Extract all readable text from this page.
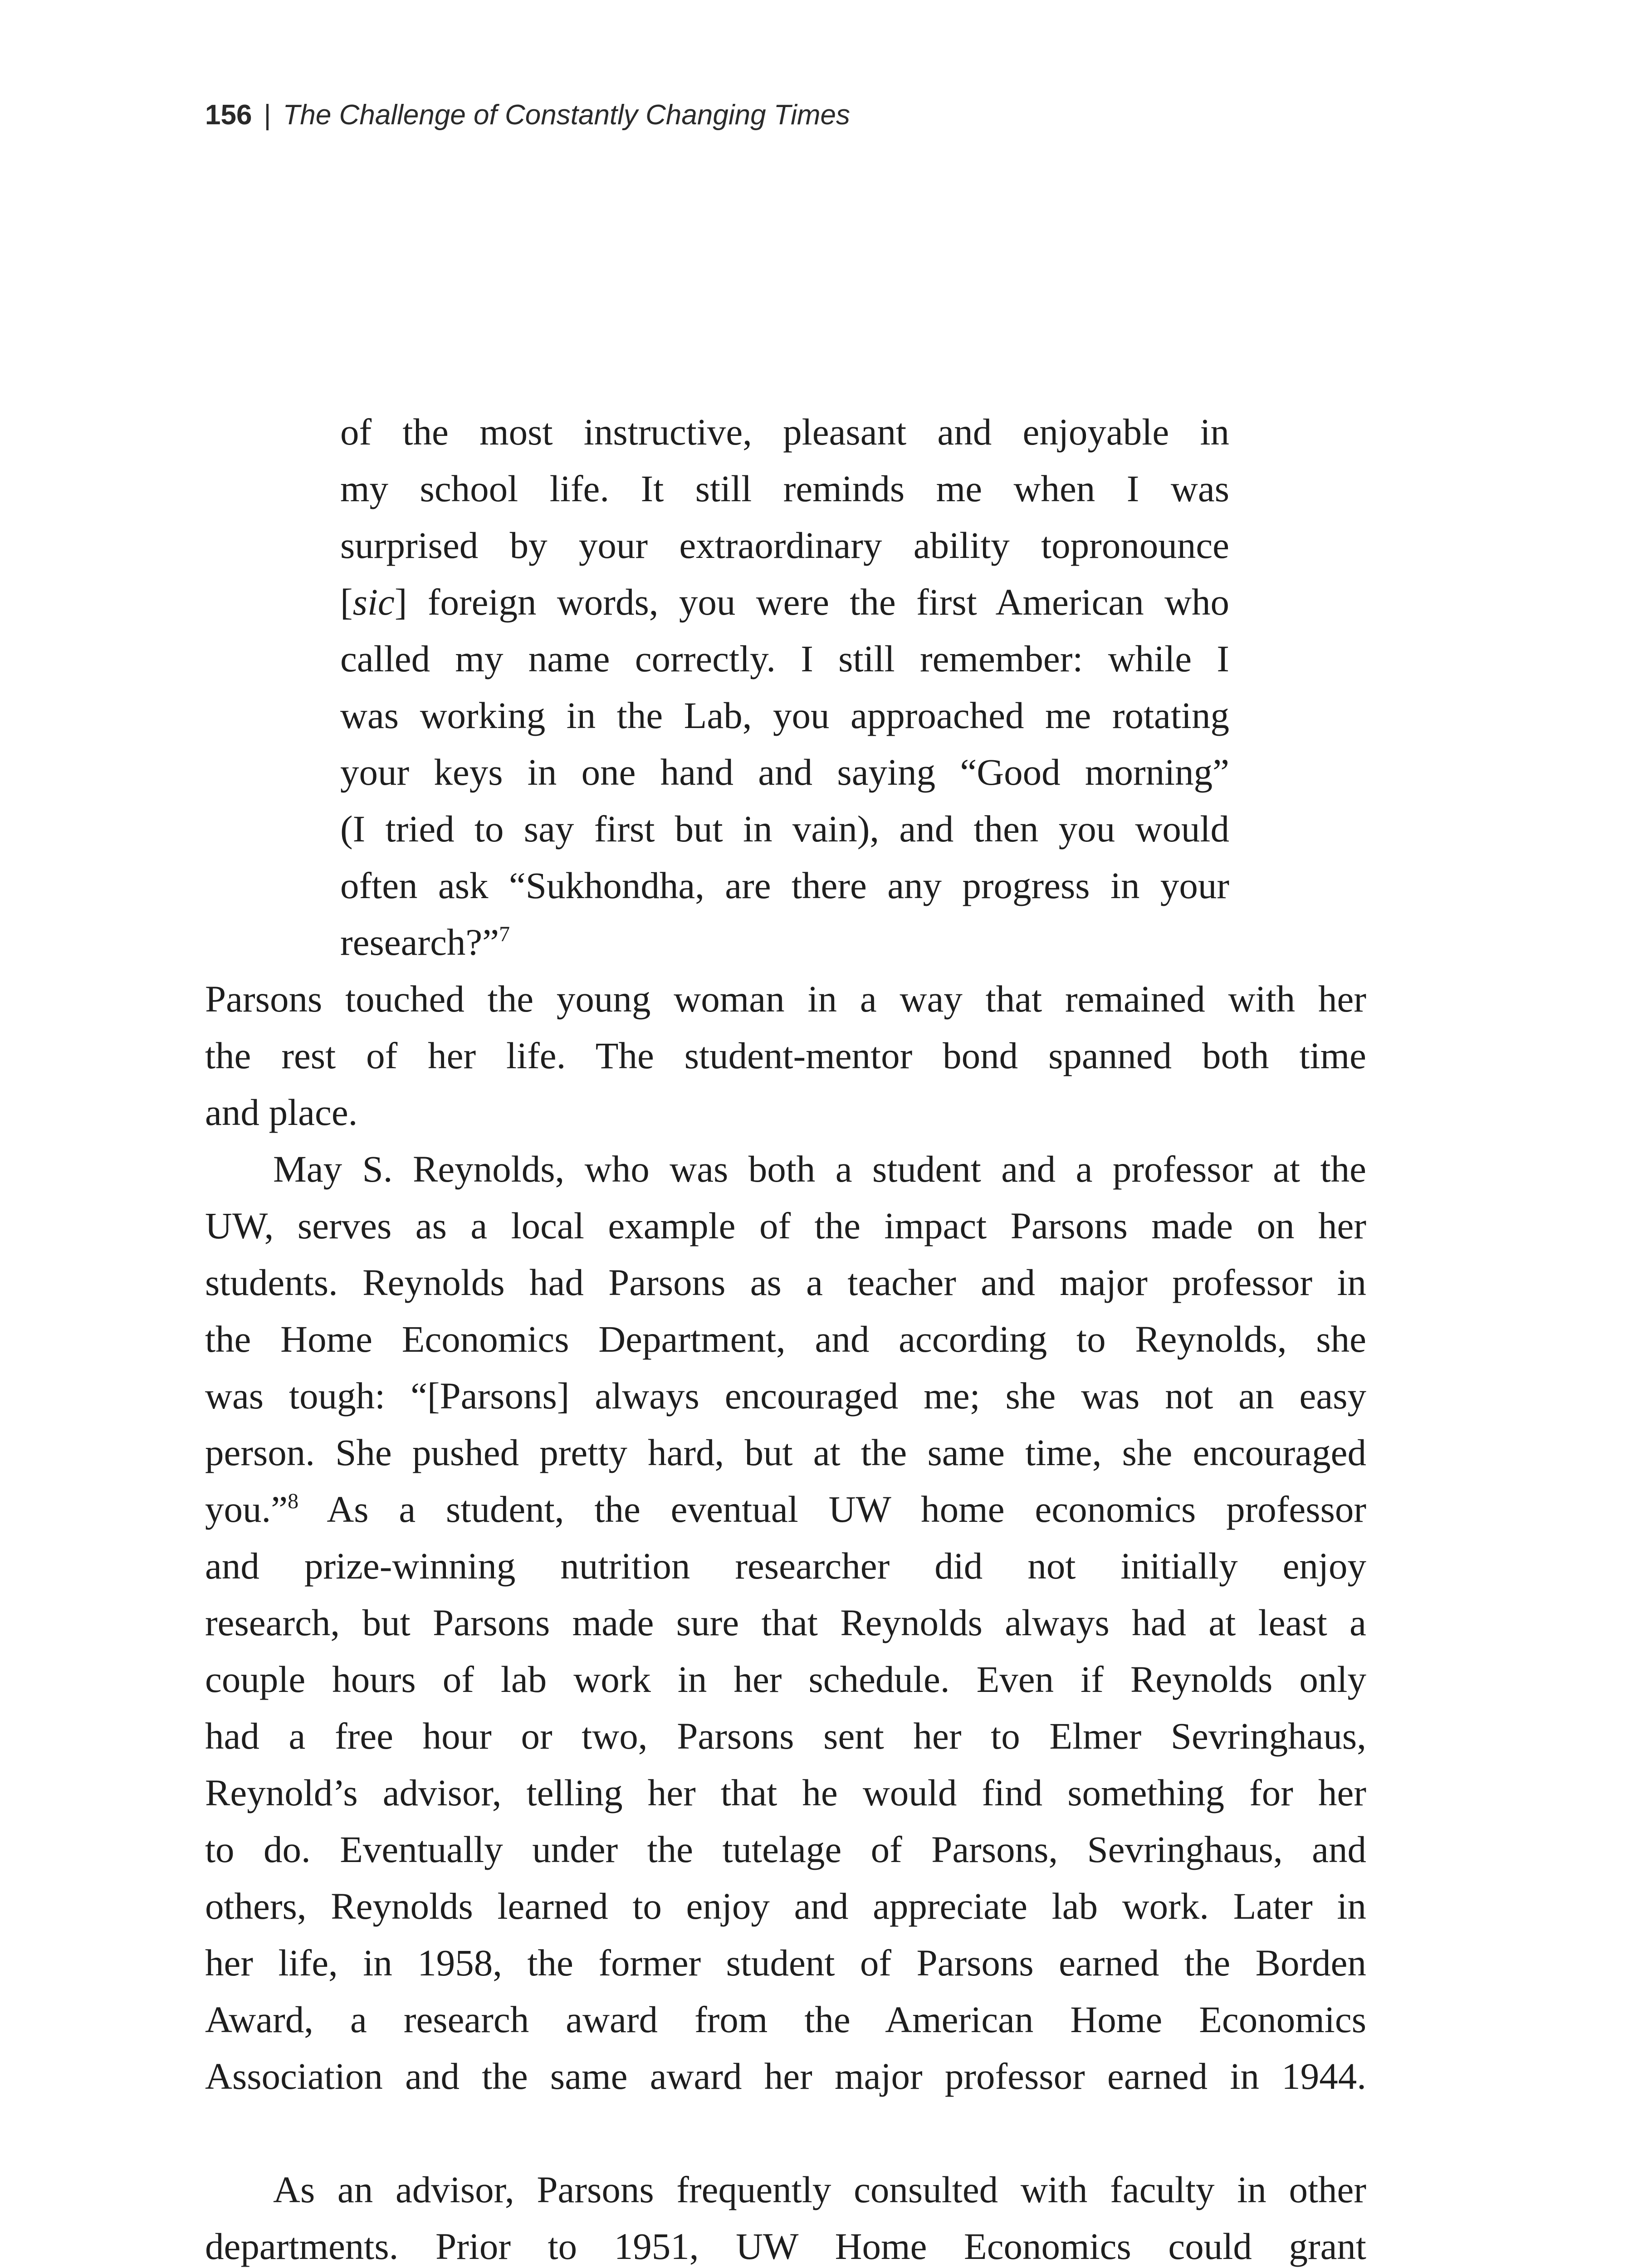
156 | The Challenge of Constantly Changing Times
of the most instructive, pleasant and enjoyable in
my school life. It still reminds me when I was
surprised by your extraordinary ability topronounce
[sic] foreign words, you were the first American who
called my name correctly. I still remember: while I
was working in the Lab, you approached me rotating
your keys in one hand and saying “Good morning”
(I tried to say first but in vain), and then you would
often ask “Sukhondha, are there any progress in your
research?”$^7$
Parsons touched the young woman in a way that remained with her
the rest of her life. The student-mentor bond spanned both time
and place.
May S. Reynolds, who was both a student and a professor at the
UW, serves as a local example of the impact Parsons made on her
students. Reynolds had Parsons as a teacher and major professor in
the Home Economics Department, and according to Reynolds, she
was tough: “[Parsons] always encouraged me; she was not an easy
person. She pushed pretty hard, but at the same time, she encouraged
you.”$^8$ As a student, the eventual UW home economics professor
and prize-winning nutrition researcher did not initially enjoy
research, but Parsons made sure that Reynolds always had at least a
couple hours of lab work in her schedule. Even if Reynolds only
had a free hour or two, Parsons sent her to Elmer Sevringhaus,
Reynold’s advisor, telling her that he would find something for her
to do. Eventually under the tutelage of Parsons, Sevringhaus, and
others, Reynolds learned to enjoy and appreciate lab work. Later in
her life, in 1958, the former student of Parsons earned the Borden
Award, a research award from the American Home Economics
Association and the same award her major professor earned in 1944.
As an advisor, Parsons frequently consulted with faculty in other
departments. Prior to 1951, UW Home Economics could grant
